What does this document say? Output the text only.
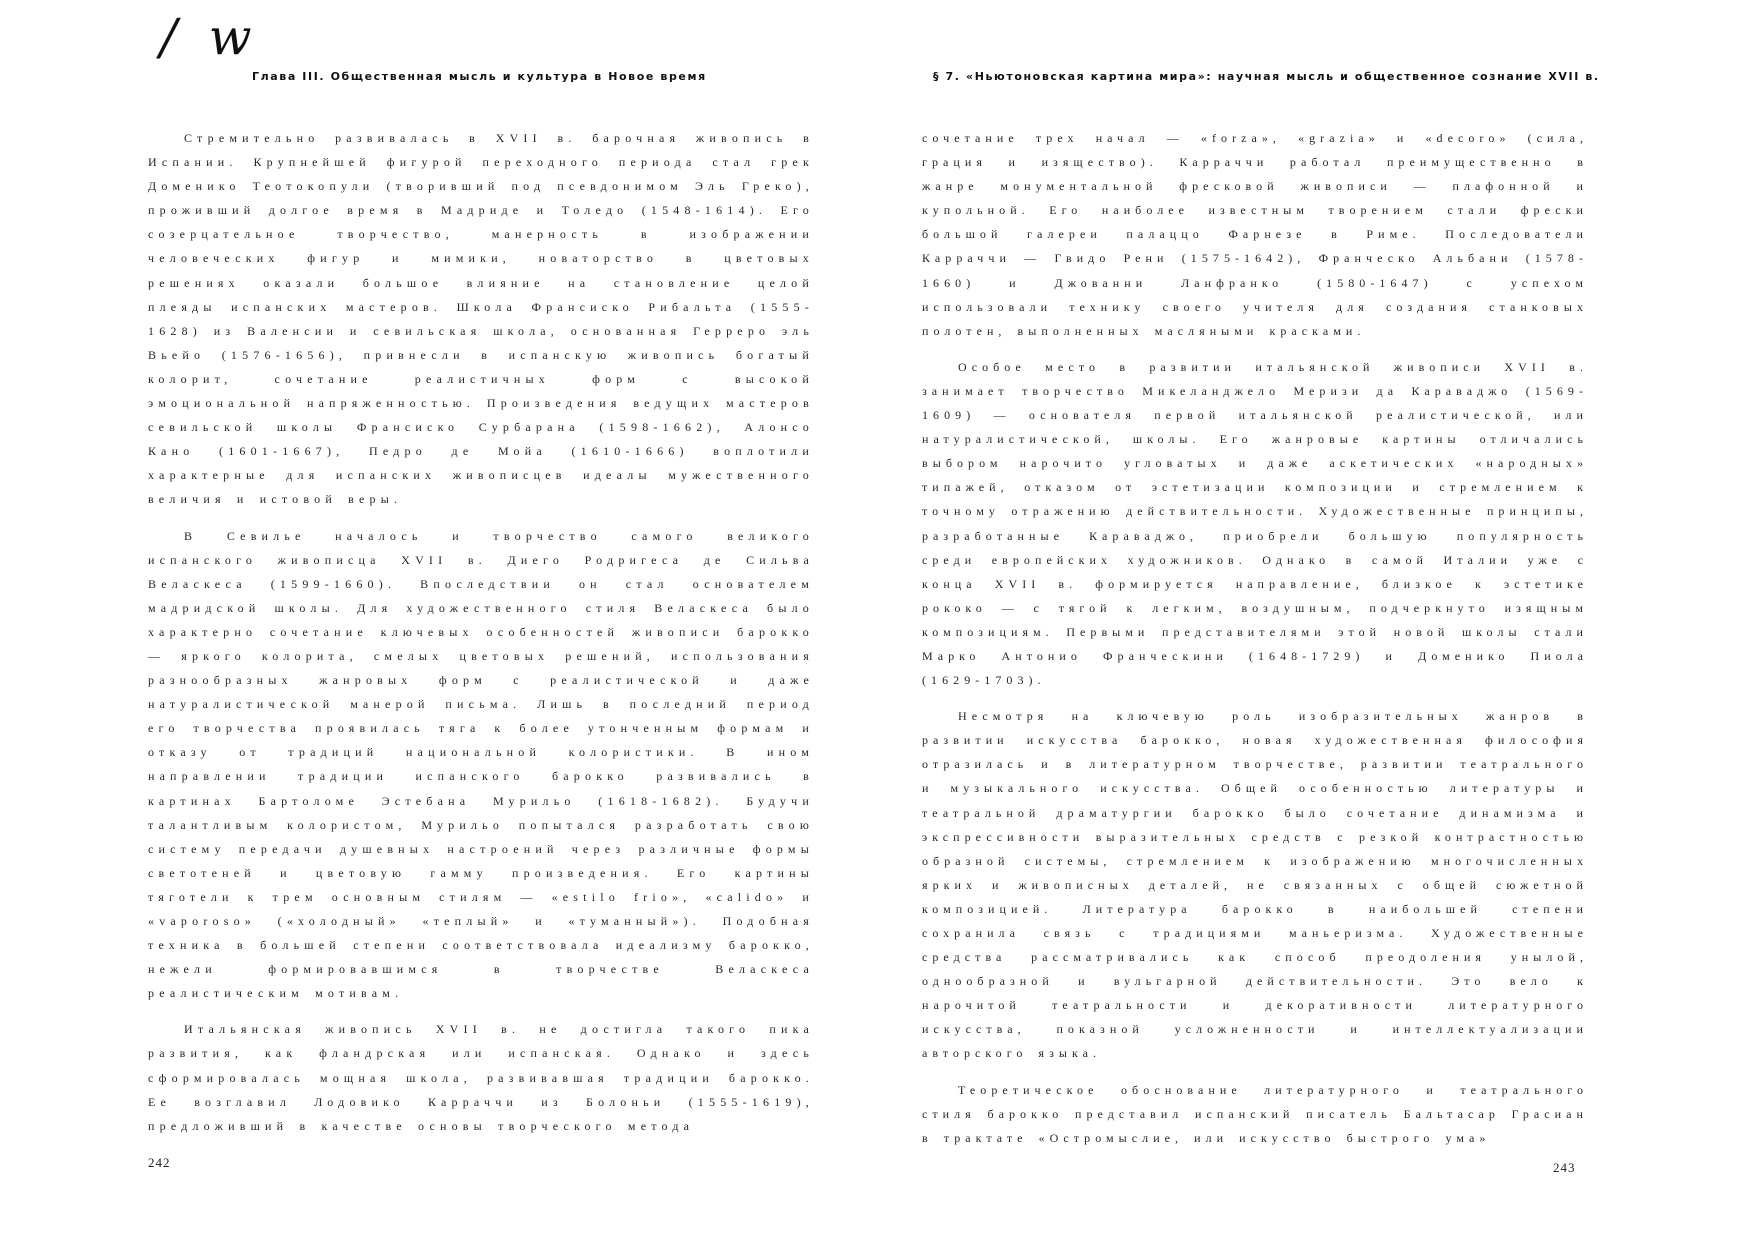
/ w
Глава III. Общественная мысль и культура в Новое время	§ 7. «Ньютоновская картина мира»: научная мысль и общественное сознание XVII в.

Стремительно развивалась в XVII в. барочная живопись в Испании. Крупнейшей фигурой переходного периода стал грек Доменико Теотокопули (творивший под псевдонимом Эль Греко), проживший долгое время в Мадриде и Толедо (1548-1614). Его созерцательное творчество, манерность в изображении человеческих фигур и мимики, новаторство в цветовых решениях оказали большое влияние на становление целой плеяды испанских мастеров. Школа Франсиско Рибальта (1555-1628) из Валенсии и севильская школа, основанная Герреро эль Вьейо (1576-1656), привнесли в испанскую живопись богатый колорит, сочетание реалистичных форм с высокой эмоциональной напряженностью. Произведения ведущих мастеров севильской школы Франсиско Сурбарана (1598-1662), Алонсо Кано (1601-1667), Педро де Мойа (1610-1666) воплотили характерные для испанских живописцев идеалы мужественного величия и истовой веры.

В Севилье началось и творчество самого великого испанского живописца XVII в. Диего Родригеса де Сильва Веласкеса (1599-1660). Впоследствии он стал основателем мадридской школы. Для художественного стиля Веласкеса было характерно сочетание ключевых особенностей живописи барокко — яркого колорита, смелых цветовых решений, использования разнообразных жанровых форм с реалистической и даже натуралистической манерой письма. Лишь в последний период его творчества проявилась тяга к более утонченным формам и отказу от традиций национальной колористики. В ином направлении традиции испанского барокко развивались в картинах Бартоломе Эстебана Мурильо (1618-1682). Будучи талантливым колористом, Мурильо попытался разработать свою систему передачи душевных настроений через различные формы светотеней и цветовую гамму произведения. Его картины тяготели к трем основным стилям — «estilo frio», «calido» и «vaporoso» («холодный» «теплый» и «туманный»). Подобная техника в большей степени соответствовала идеализму барокко, нежели формировавшимся в творчестве Веласкеса реалистическим мотивам.

Итальянская живопись XVII в. не достигла такого пика развития, как фландрская или испанская. Однако и здесь сформировалась мощная школа, развивавшая традиции барокко. Ее возглавил Лодовико Карраччи из Болоньи (1555-1619), предложивший в качестве основы творческого метода

сочетание трех начал — «forza», «grazia» и «decoro» (сила, грация и изящество). Карраччи работал преимущественно в жанре монументальной фресковой живописи — плафонной и купольной. Его наиболее известным творением стали фрески большой галереи палаццо Фарнезе в Риме. Последователи Карраччи — Гвидо Рени (1575-1642), Франческо Альбани (1578-1660) и Джованни Ланфранко (1580-1647) с успехом использовали технику своего учителя для создания станковых полотен, выполненных масляными красками.

Особое место в развитии итальянской живописи XVII в. занимает творчество Микеланджело Меризи да Караваджо (1569-1609) — основателя первой итальянской реалистической, или натуралистической, школы. Его жанровые картины отличались выбором нарочито угловатых и даже аскетических «народных» типажей, отказом от эстетизации композиции и стремлением к точному отражению действительности. Художественные принципы, разработанные Караваджо, приобрели большую популярность среди европейских художников. Однако в самой Италии уже с конца XVII в. формируется направление, близкое к эстетике рококо — с тягой к легким, воздушным, подчеркнуто изящным композициям. Первыми представителями этой новой школы стали Марко Антонио Франческини (1648-1729) и Доменико Пиола (1629-1703).

Несмотря на ключевую роль изобразительных жанров в развитии искусства барокко, новая художественная философия отразилась и в литературном творчестве, развитии театрального и музыкального искусства. Общей особенностью литературы и театральной драматургии барокко было сочетание динамизма и экспрессивности выразительных средств с резкой контрастностью образной системы, стремлением к изображению многочисленных ярких и живописных деталей, не связанных с общей сюжетной композицией. Литература барокко в наибольшей степени сохранила связь с традициями маньеризма. Художественные средства рассматривались как способ преодоления унылой, однообразной и вульгарной действительности. Это вело к нарочитой театральности и декоративности литературного искусства, показной усложненности и интеллектуализации авторского языка.

Теоретическое обоснование литературного и театрального стиля барокко представил испанский писатель Бальтасар Грасиан в трактате «Остромыслие, или искусство быстрого ума»

242	243
